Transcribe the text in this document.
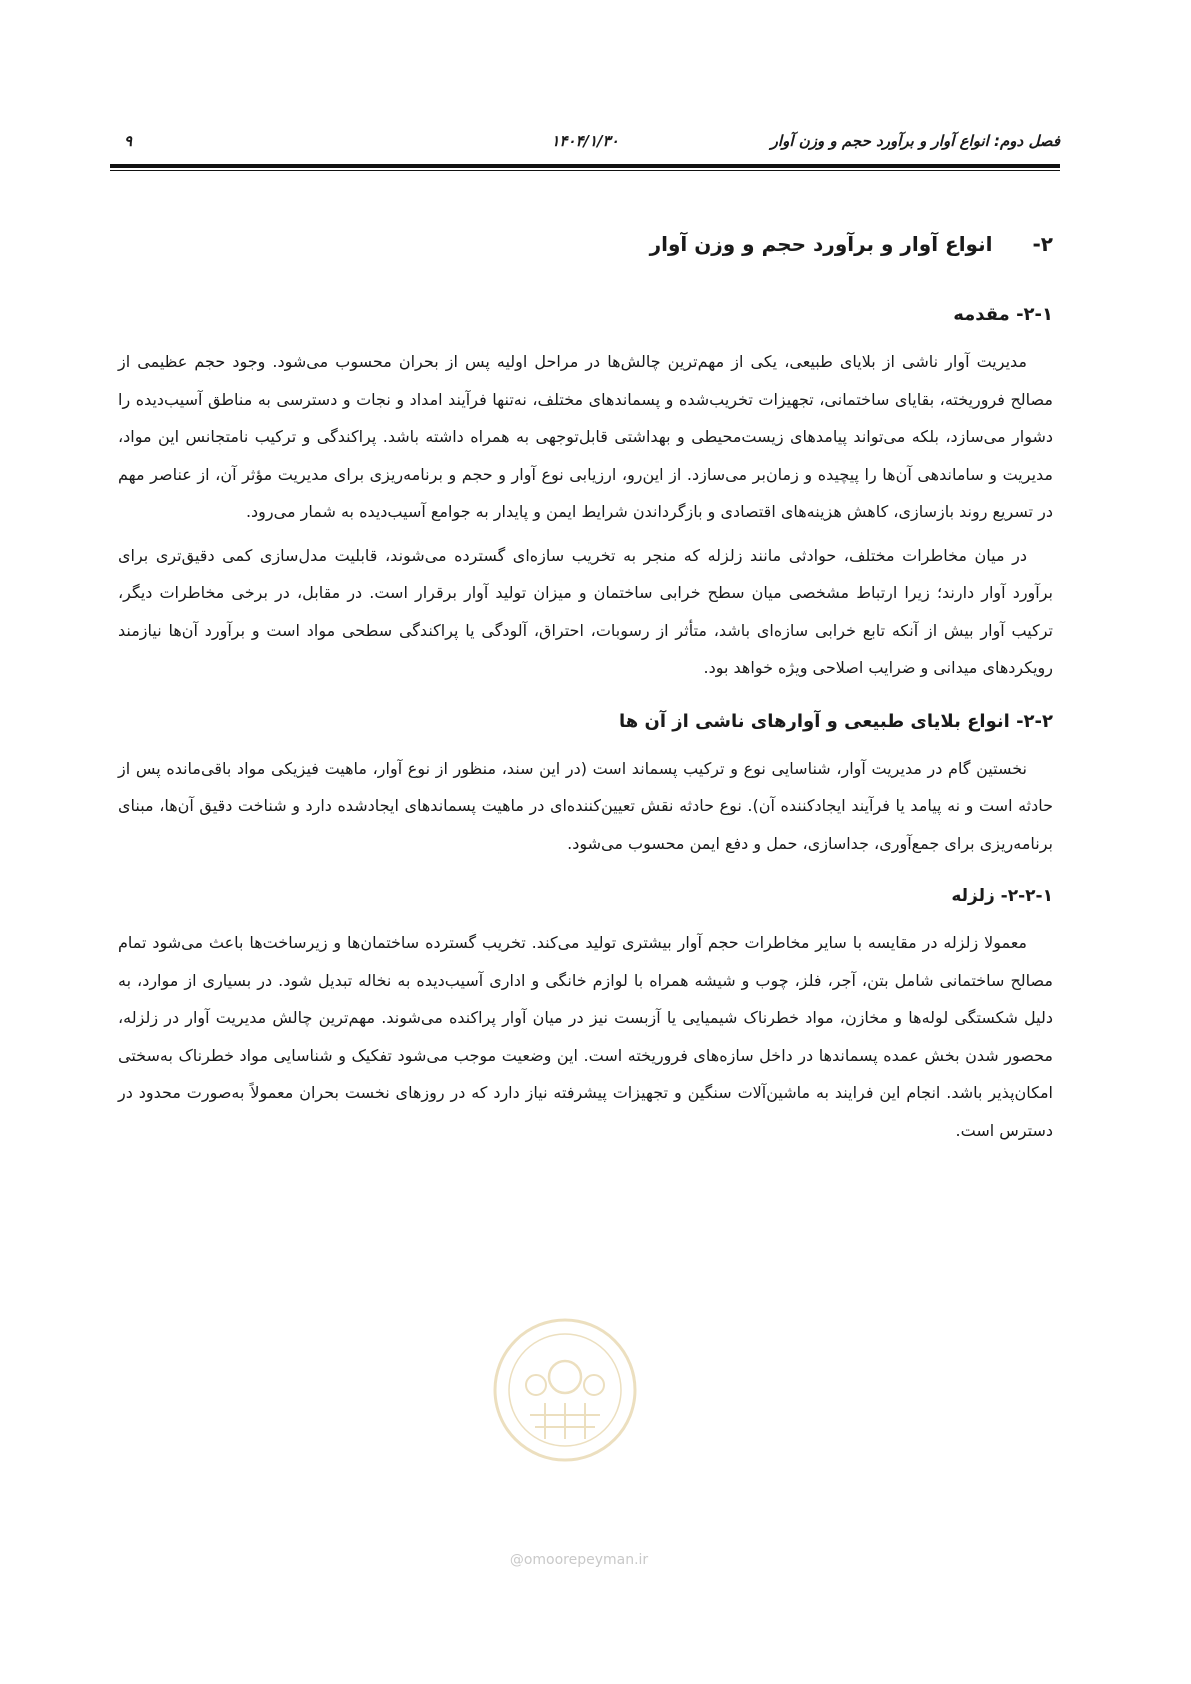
فصل دوم: انواع آوار و برآورد حجم و وزن آوار
۱۴۰۴/۱/۳۰
۹
۲-
انواع آوار و برآورد حجم و وزن آوار
۲-۱- مقدمه

مدیریت آوار ناشی از بلایای طبیعی، یکی از مهم‌ترین چالش‌ها در مراحل اولیه پس از بحران محسوب می‌شود. وجود حجم عظیمی از مصالح فروریخته، بقایای ساختمانی، تجهیزات تخریب‌شده و پسماندهای مختلف، نه‌تنها فرآیند امداد و نجات و دسترسی به مناطق آسیب‌دیده را دشوار می‌سازد، بلکه می‌تواند پیامدهای زیست‌محیطی و بهداشتی قابل‌توجهی به همراه داشته باشد. پراکندگی و ترکیب نامتجانس این مواد، مدیریت و ساماندهی آن‌ها را پیچیده و زمان‌بر می‌سازد. از این‌رو، ارزیابی نوع آوار و حجم و برنامه‌ریزی برای مدیریت مؤثر آن، از عناصر مهم در تسریع روند بازسازی، کاهش هزینه‌های اقتصادی و بازگرداندن شرایط ایمن و پایدار به جوامع آسیب‌دیده به شمار می‌رود.

در میان مخاطرات مختلف، حوادثی مانند زلزله که منجر به تخریب سازه‌ای گسترده می‌شوند، قابلیت مدل‌سازی کمی دقیق‌تری برای برآورد آوار دارند؛ زیرا ارتباط مشخصی میان سطح خرابی ساختمان و میزان تولید آوار برقرار است. در مقابل، در برخی مخاطرات دیگر، ترکیب آوار بیش از آنکه تابع خرابی سازه‌ای باشد، متأثر از رسوبات، احتراق، آلودگی یا پراکندگی سطحی مواد است و برآورد آن‌ها نیازمند رویکردهای میدانی و ضرایب اصلاحی ویژه خواهد بود.

۲-۲- انواع بلایای طبیعی و آوارهای ناشی از آن ها

نخستین گام در مدیریت آوار، شناسایی نوع و ترکیب پسماند است (در این سند، منظور از نوع آوار، ماهیت فیزیکی مواد باقی‌مانده پس از حادثه است و نه پیامد یا فرآیند ایجادکننده آن). نوع حادثه نقش تعیین‌کننده‌ای در ماهیت پسماندهای ایجادشده دارد و شناخت دقیق آن‌ها، مبنای برنامه‌ریزی برای جمع‌آوری، جداسازی، حمل و دفع ایمن محسوب می‌شود.

۲-۲-۱- زلزله

معمولا زلزله در مقایسه با سایر مخاطرات حجم آوار بیشتری تولید می‌کند. تخریب گسترده ساختمان‌ها و زیرساخت‌ها باعث می‌شود تمام مصالح ساختمانی شامل بتن، آجر، فلز، چوب و شیشه همراه با لوازم خانگی و اداری آسیب‌دیده به نخاله تبدیل شود. در بسیاری از موارد، به دلیل شکستگی لوله‌ها و مخازن، مواد خطرناک شیمیایی یا آزبست نیز در میان آوار پراکنده می‌شوند. مهم‌ترین چالش مدیریت آوار در زلزله، محصور شدن بخش عمده پسماندها در داخل سازه‌های فروریخته است. این وضعیت موجب می‌شود تفکیک و شناسایی مواد خطرناک به‌سختی امکان‌پذیر باشد. انجام این فرایند به ماشین‌آلات سنگین و تجهیزات پیشرفته نیاز دارد که در روزهای نخست بحران معمولاً به‌صورت محدود در دسترس است.

@omoorepeyman.ir
